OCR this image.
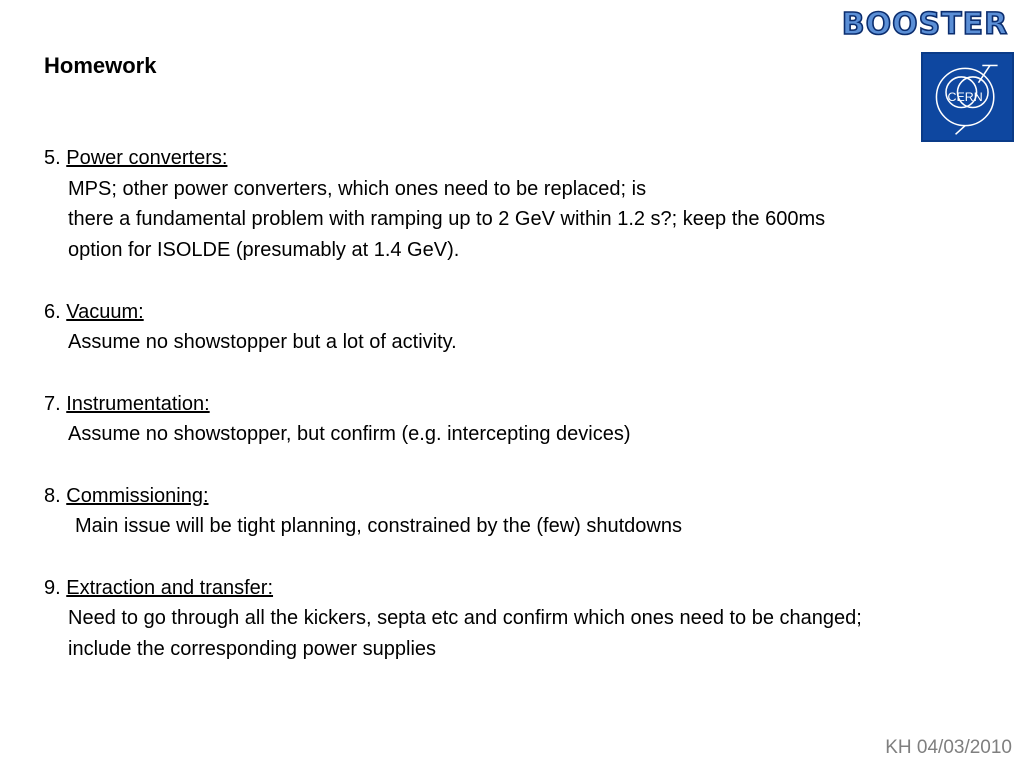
BOOSTER
CERN
Homework
5. Power converters:
MPS; other power converters, which ones need to be replaced; is
there a fundamental problem with ramping up to 2 GeV within 1.2 s?; keep the 600ms
option for ISOLDE (presumably at 1.4 GeV).
6. Vacuum:
Assume no showstopper but a lot of activity.
7. Instrumentation:
Assume no showstopper, but confirm (e.g. intercepting devices)
8. Commissioning:
Main issue will be tight planning, constrained by the (few) shutdowns
9. Extraction and transfer:
Need to go through all the kickers, septa etc and confirm which ones need to be changed;
include the corresponding power supplies
KH 04/03/2010
